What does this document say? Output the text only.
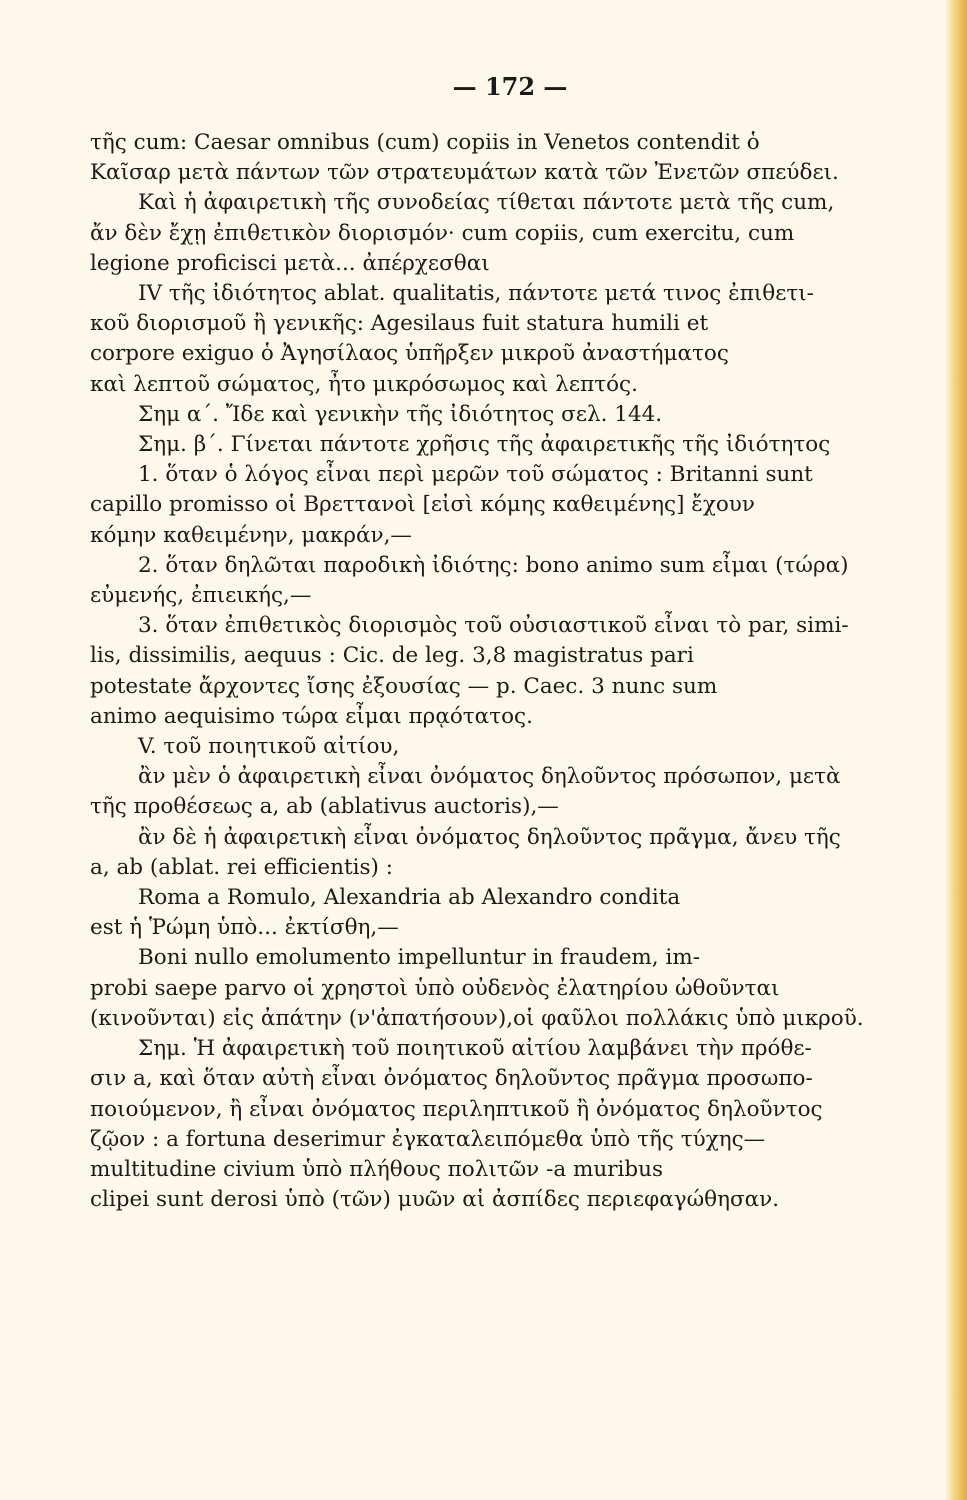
— 172 —
τῆς cum: Caesar omnibus (cum) copiis in Venetos contendit ὁ
Καῖσαρ μετὰ πάντων τῶν στρατευμάτων κατὰ τῶν Ἐνετῶν σπεύδει.
Καὶ ἡ ἀφαιρετικὴ τῆς συνοδείας τίθεται πάντοτε μετὰ τῆς cum,
ἄν δὲν ἔχῃ ἐπιθετικὸν διορισμόν· cum copiis, cum exercitu, cum
legione proficisci μετὰ... ἀπέρχεσθαι
IV τῆς ἰδιότητος ablat. qualitatis, πάντοτε μετά τινος ἐπιθετι-
κοῦ διορισμοῦ ἢ γενικῆς: Agesilaus fuit statura humili et
corpore exiguo ὁ Ἀγησίλαος ὑπῆρξεν μικροῦ ἀναστήματος
καὶ λεπτοῦ σώματος, ἦτο μικρόσωμος καὶ λεπτός.
Σημ α΄. Ἴδε καὶ γενικὴν τῆς ἰδιότητος σελ. 144.
Σημ. β΄. Γίνεται πάντοτε χρῆσις τῆς ἀφαιρετικῆς τῆς ἰδιότητος
1. ὅταν ὁ λόγος εἶναι περὶ μερῶν τοῦ σώματος : Britanni sunt
capillo promisso οἱ Βρεττανοὶ [εἰσὶ κόμης καθειμένης] ἔχουν
κόμην καθειμένην, μακράν,—
2. ὅταν δηλῶται παροδικὴ ἰδιότης: bono animo sum εἶμαι (τώρα)
εὐμενής, ἐπιεικής,—
3. ὅταν ἐπιθετικὸς διορισμὸς τοῦ οὐσιαστικοῦ εἶναι τὸ par, simi-
lis, dissimilis, aequus : Cic. de leg. 3,8 magistratus pari
potestate ἄρχοντες ἴσης ἐξουσίας — p. Caec. 3 nunc sum
animo aequisimo τώρα εἶμαι πρᾳότατος.
V. τοῦ ποιητικοῦ αἰτίου,
ἂν μὲν ὁ ἀφαιρετικὴ εἶναι ὀνόματος δηλοῦντος πρόσωπον, μετὰ
τῆς προθέσεως a, ab (ablativus auctoris),—
ἂν δὲ ἡ ἀφαιρετικὴ εἶναι ὀνόματος δηλοῦντος πρᾶγμα, ἄνευ τῆς
a, ab (ablat. rei efficientis) :
Roma a Romulo, Alexandria ab Alexandro condita
est ἡ Ῥώμη ὑπὸ... ἐκτίσθη,—
Boni nullo emolumento impelluntur in fraudem, im-
probi saepe parvo οἱ χρηστοὶ ὑπὸ οὐδενὸς ἐλατηρίου ὠθοῦνται
(κινοῦνται) εἰς ἀπάτην (ν'ἀπατήσουν),οἱ φαῦλοι πολλάκις ὑπὸ μικροῦ.
Σημ. Ἡ ἀφαιρετικὴ τοῦ ποιητικοῦ αἰτίου λαμβάνει τὴν πρόθε-
σιν a, καὶ ὅταν αὐτὴ εἶναι ὀνόματος δηλοῦντος πρᾶγμα προσωπο-
ποιούμενον, ἢ εἶναι ὀνόματος περιληπτικοῦ ἢ ὀνόματος δηλοῦντος
ζῷον : a fortuna deserimur ἐγκαταλειπόμεθα ὑπὸ τῆς τύχης—
multitudine civium ὑπὸ πλήθους πολιτῶν -a muribus
clipei sunt derosi ὑπὸ (τῶν) μυῶν αἱ ἀσπίδες περιεφαγώθησαν.
